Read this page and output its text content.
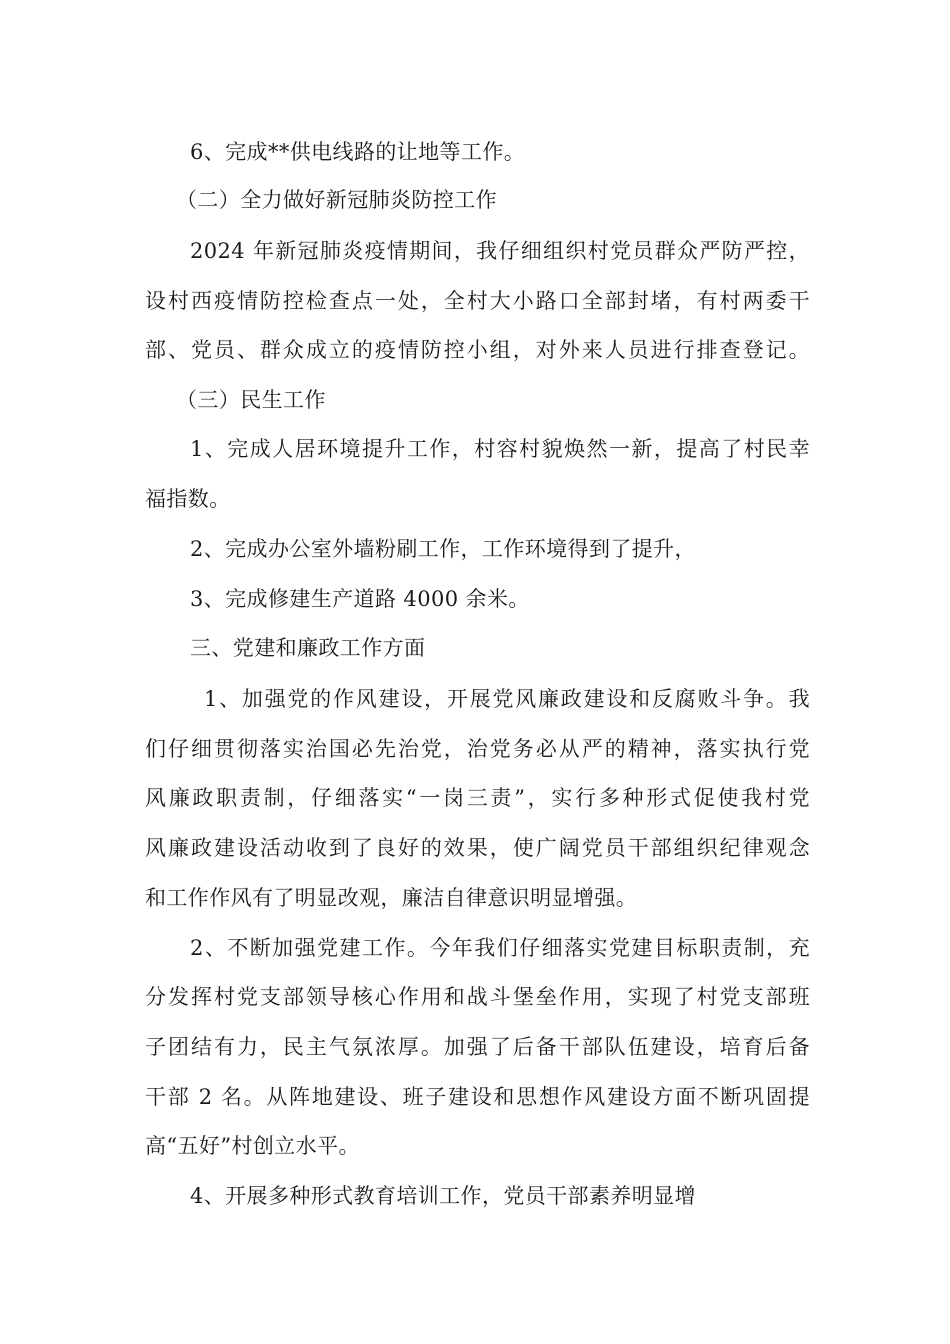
6、完成**供电线路的让地等工作。
（二）全力做好新冠肺炎防控工作
2024 年新冠肺炎疫情期间，我仔细组织村党员群众严防严控，
设村西疫情防控检查点一处，全村大小路口全部封堵，有村两委干
部、党员、群众成立的疫情防控小组，对外来人员进行排查登记。
（三）民生工作
1、完成人居环境提升工作，村容村貌焕然一新，提高了村民幸
福指数。
2、完成办公室外墙粉刷工作，工作环境得到了提升，
3、完成修建生产道路 4000 余米。
三、党建和廉政工作方面
1、加强党的作风建设，开展党风廉政建设和反腐败斗争。我
们仔细贯彻落实治国必先治党，治党务必从严的精神，落实执行党
风廉政职责制，仔细落实“一岗三责”，实行多种形式促使我村党
风廉政建设活动收到了良好的效果，使广阔党员干部组织纪律观念
和工作作风有了明显改观，廉洁自律意识明显增强。
2、不断加强党建工作。今年我们仔细落实党建目标职责制，充
分发挥村党支部领导核心作用和战斗堡垒作用，实现了村党支部班
子团结有力，民主气氛浓厚。加强了后备干部队伍建设，培育后备
干部 2 名。从阵地建设、班子建设和思想作风建设方面不断巩固提
高“五好”村创立水平。
4、开展多种形式教育培训工作，党员干部素养明显增
